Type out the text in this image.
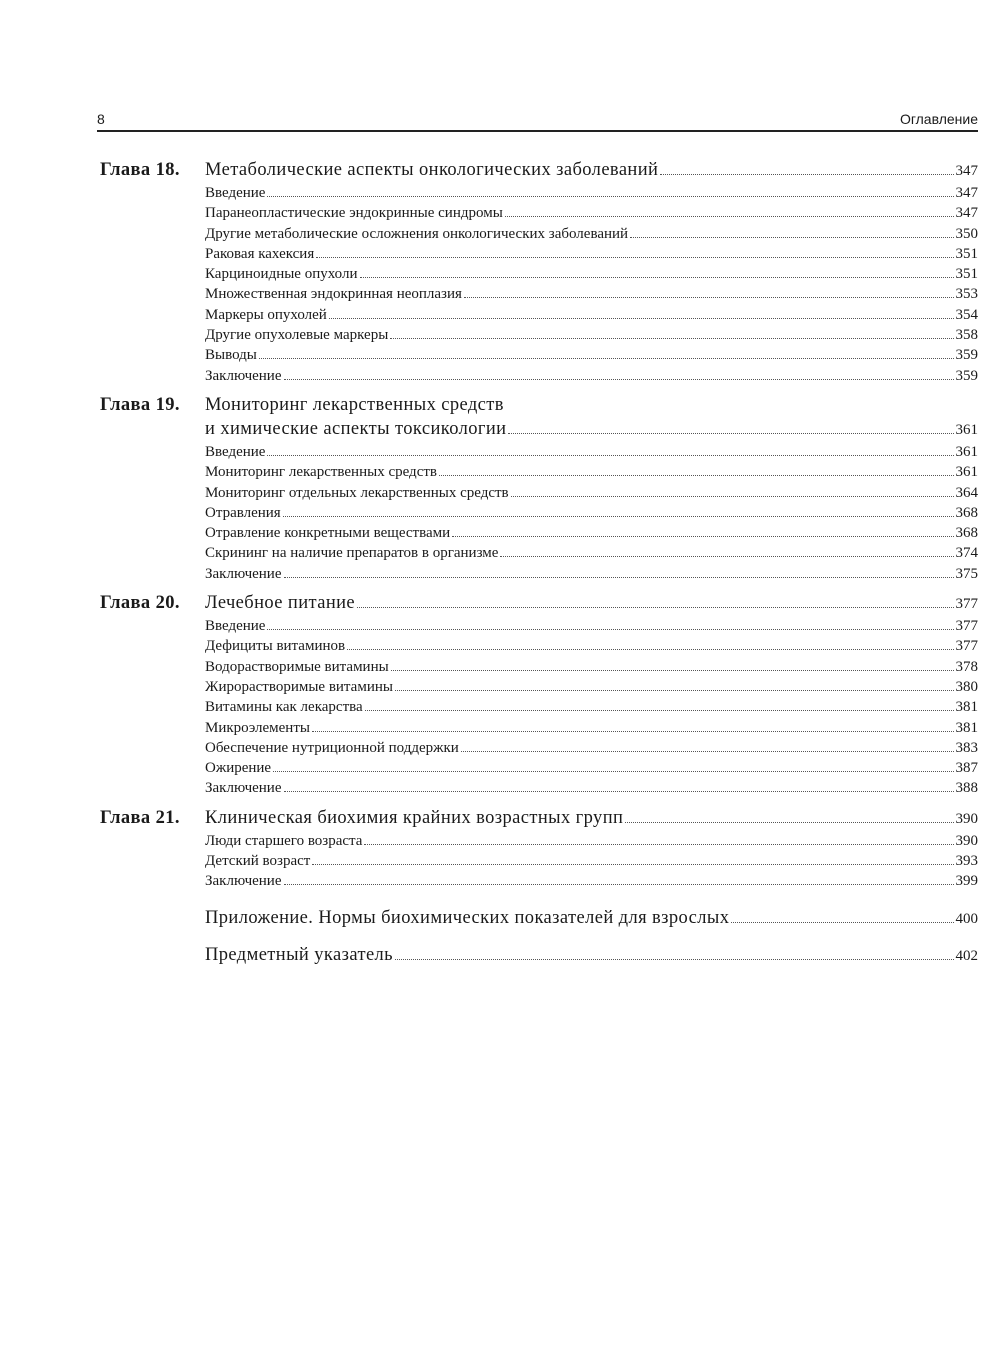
8	Оглавление
Глава 18.	Метаболические аспекты онкологических заболеваний	347
Введение	347
Паранеопластические эндокринные синдромы	347
Другие метаболические осложнения онкологических заболеваний	350
Раковая кахексия	351
Карциноидные опухоли	351
Множественная эндокринная неоплазия	353
Маркеры опухолей	354
Другие опухолевые маркеры	358
Выводы	359
Заключение	359
Глава 19.	Мониторинг лекарственных средств
и химические аспекты токсикологии	361
Введение	361
Мониторинг лекарственных средств	361
Мониторинг отдельных лекарственных средств	364
Отравления	368
Отравление конкретными веществами	368
Скрининг на наличие препаратов в организме	374
Заключение	375
Глава 20.	Лечебное питание	377
Введение	377
Дефициты витаминов	377
Водорастворимые витамины	378
Жирорастворимые витамины	380
Витамины как лекарства	381
Микроэлементы	381
Обеспечение нутриционной поддержки	383
Ожирение	387
Заключение	388
Глава 21.	Клиническая биохимия крайних возрастных групп	390
Люди старшего возраста	390
Детский возраст	393
Заключение	399
Приложение. Нормы биохимических показателей для взрослых	400
Предметный указатель	402
